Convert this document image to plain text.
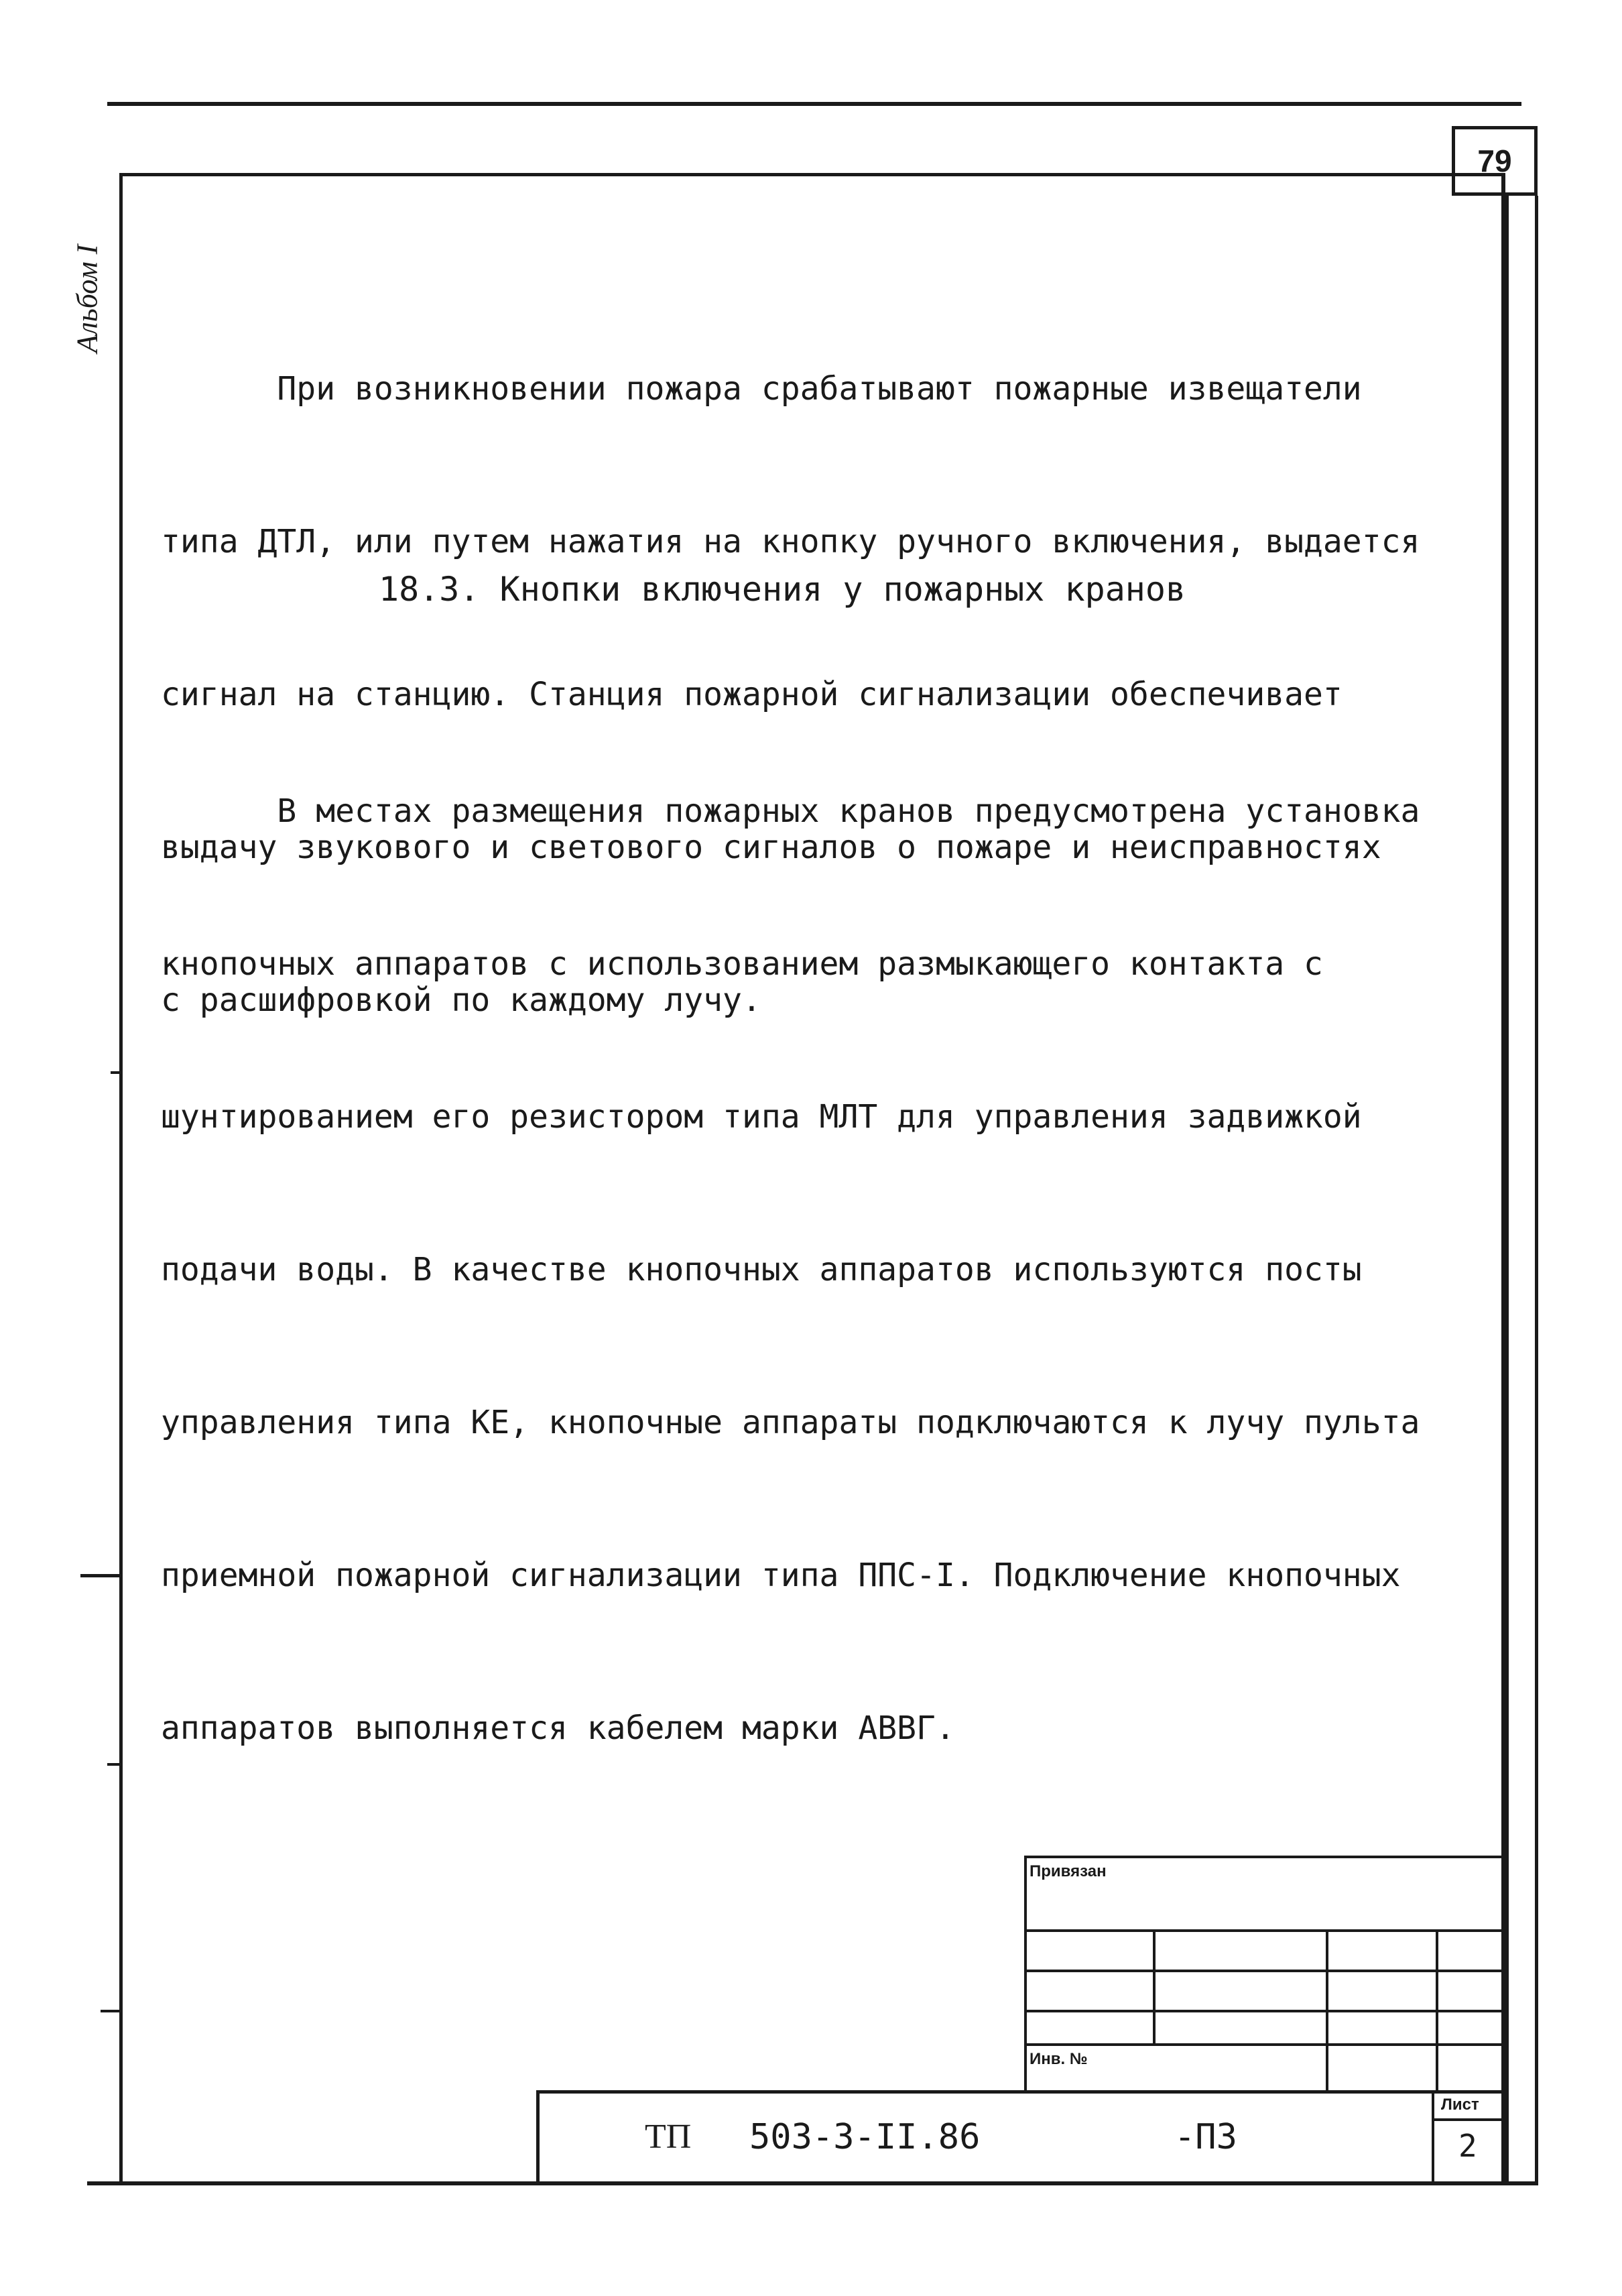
79
Альбом I

При возникновении пожара срабатывают пожарные извещатели

типа ДТЛ, или путем нажатия на кнопку ручного включения, выдается

сигнал на станцию. Станция пожарной сигнализации обеспечивает

выдачу звукового и светового сигналов о пожаре и неисправностях

с расшифровкой по каждому лучу.

18.3. Кнопки включения у пожарных кранов

В местах размещения пожарных кранов предусмотрена установка

кнопочных аппаратов с использованием размыкающего контакта с

шунтированием его резистором типа МЛТ для управления задвижкой

подачи воды. В качестве кнопочных аппаратов используются посты

управления типа КЕ, кнопочные аппараты подключаются к лучу пульта

приемной пожарной сигнализации типа ППС-I. Подключение кнопочных

аппаратов выполняется кабелем марки АВВГ.

Привязан
Инв. №
Лист
2
ТП 503-3-II.86	-ПЗ
